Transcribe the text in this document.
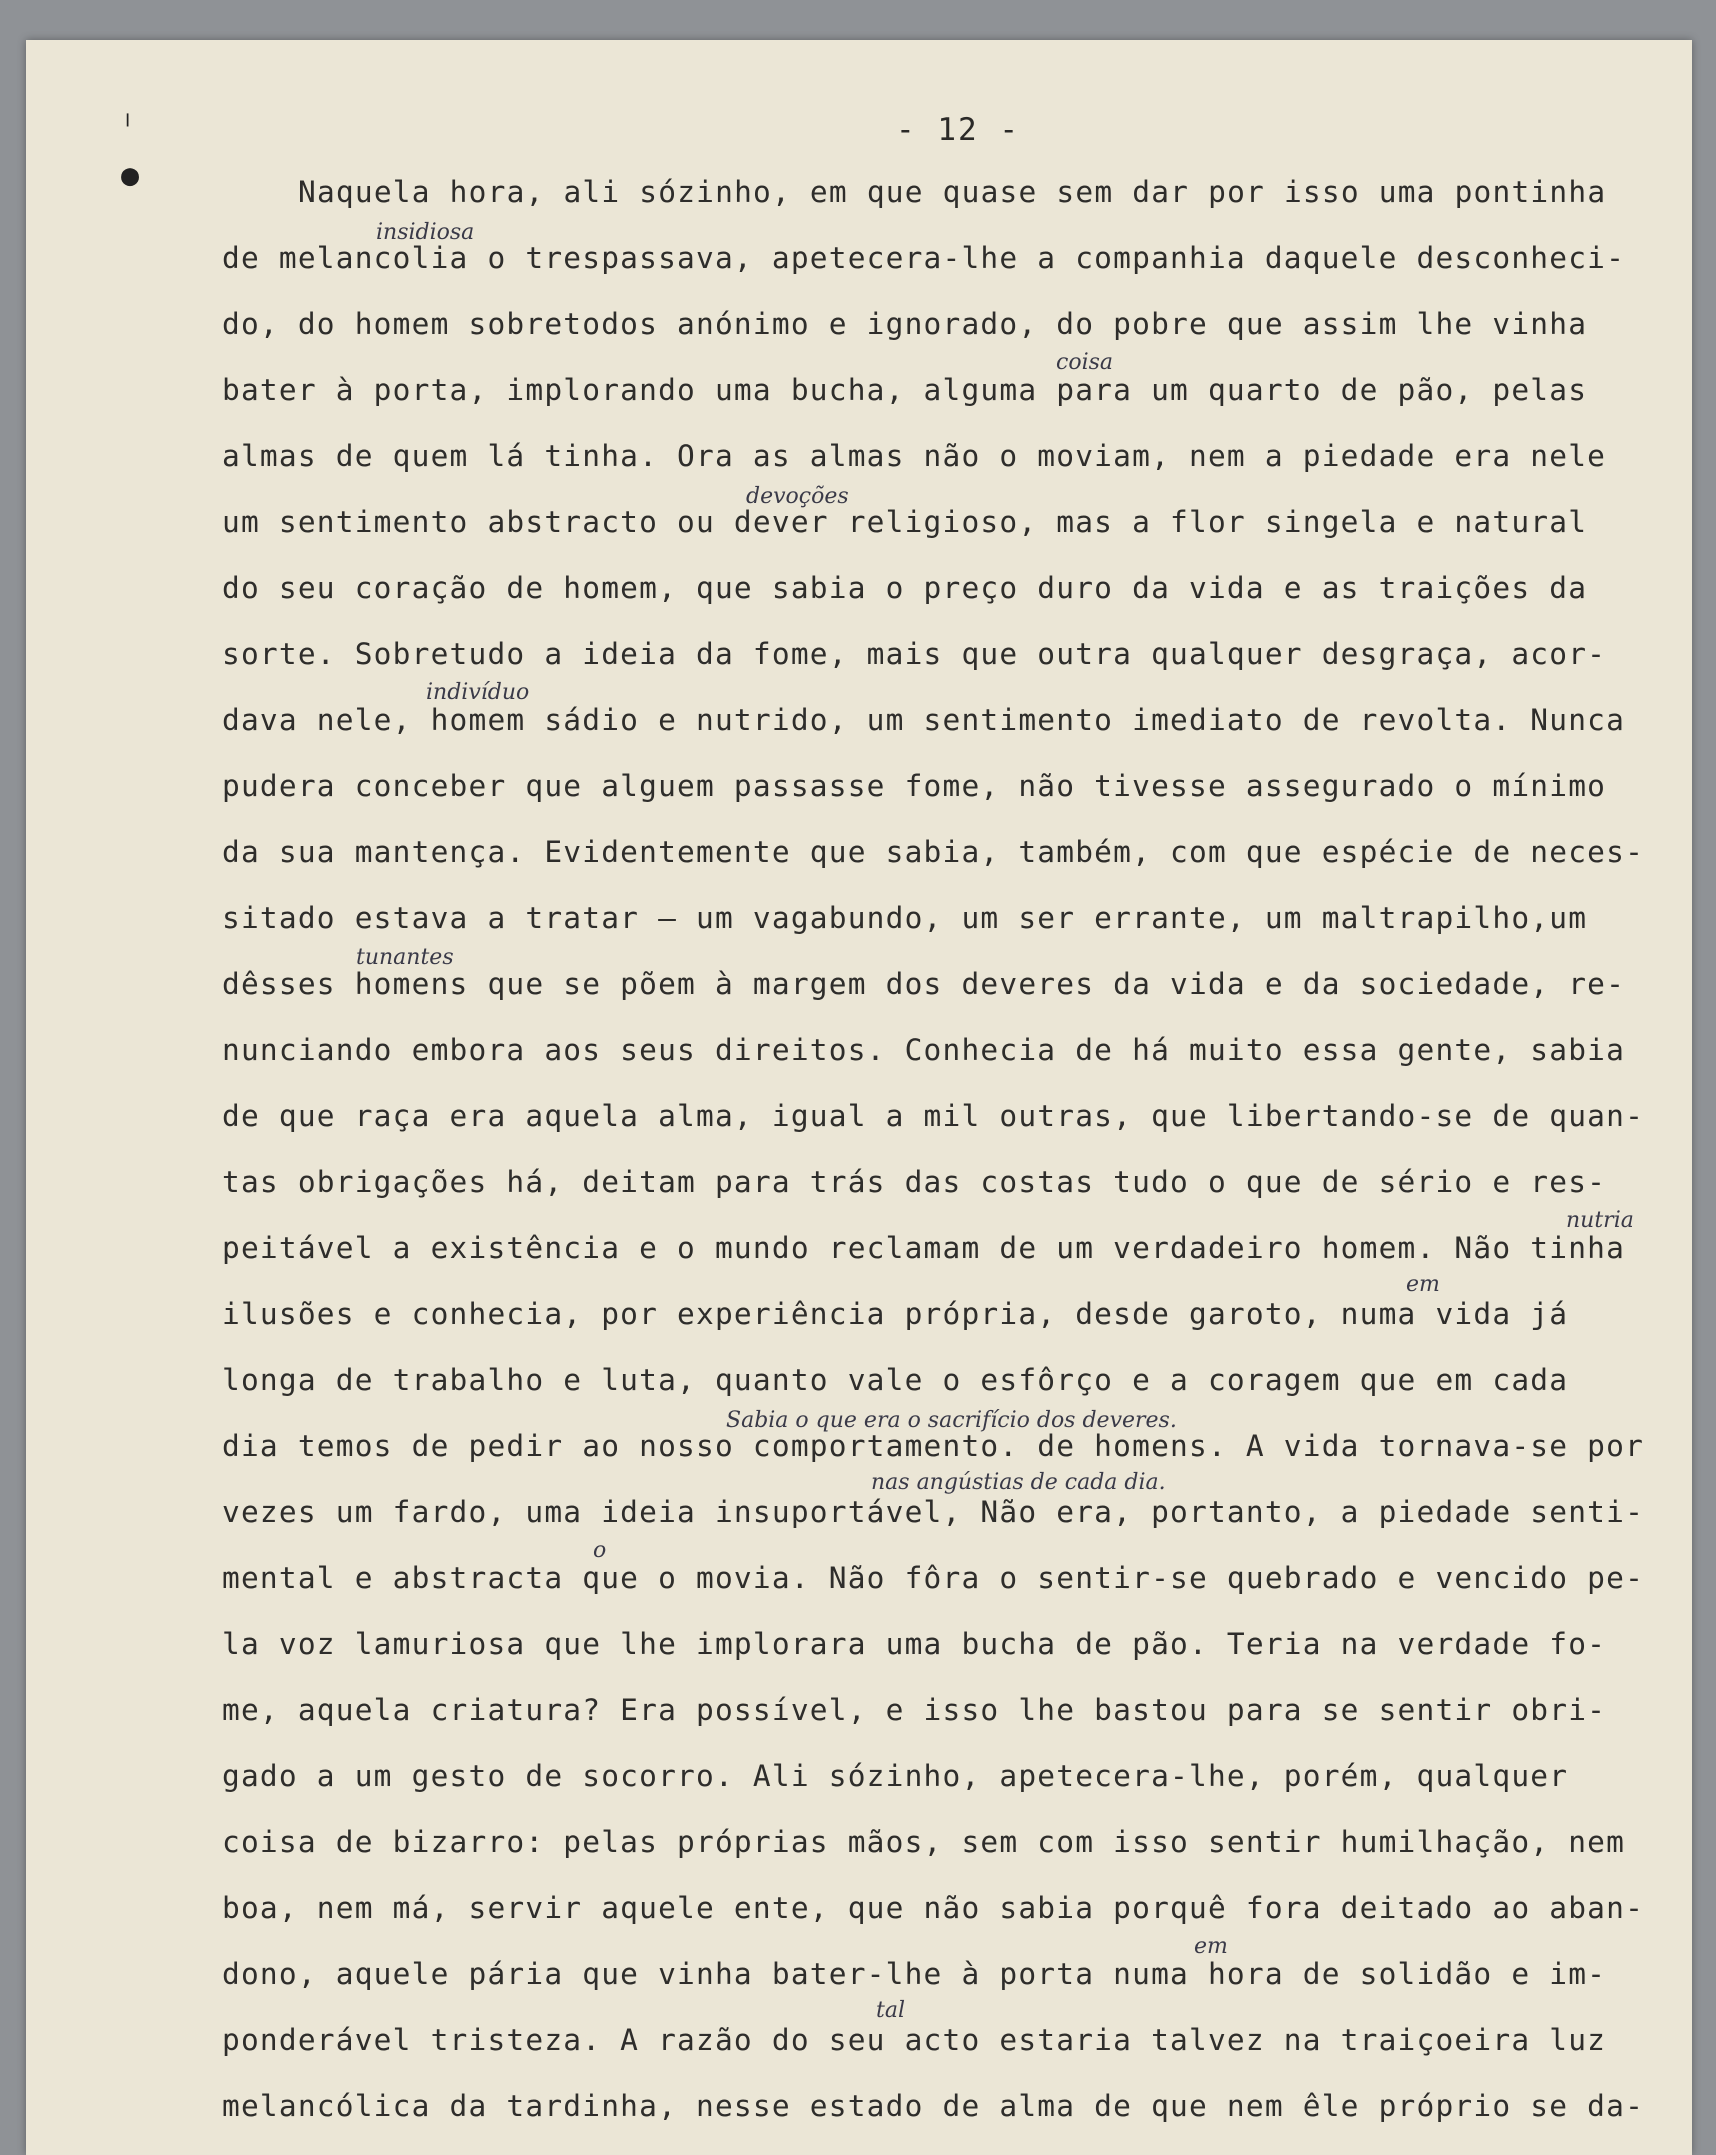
- 12 -
╵
●	Naquela hora, ali sózinho, em que quase sem dar por isso uma pontinha
de melancolia o trespassava, apetecera-lhe a companhia daquele desconheci-
do, do homem sobretodos anónimo e ignorado, do pobre que assim lhe vinha
bater à porta, implorando uma bucha, alguma para um quarto de pão, pelas
almas de quem lá tinha. Ora as almas não o moviam, nem a piedade era nele
um sentimento abstracto ou dever religioso, mas a flor singela e natural
do seu coração de homem, que sabia o preço duro da vida e as traições da
sorte. Sobretudo a ideia da fome, mais que outra qualquer desgraça, acor-
dava nele, homem sádio e nutrido, um sentimento imediato de revolta. Nunca
pudera conceber que alguem passasse fome, não tivesse assegurado o mínimo
da sua mantença. Evidentemente que sabia, também, com que espécie de neces-
sitado estava a tratar — um vagabundo, um ser errante, um maltrapilho,um
dêsses homens que se põem à margem dos deveres da vida e da sociedade, re-
nunciando embora aos seus direitos. Conhecia de há muito essa gente, sabia
de que raça era aquela alma, igual a mil outras, que libertando-se de quan-
tas obrigações há, deitam para trás das costas tudo o que de sério e res-
peitável a existência e o mundo reclamam de um verdadeiro homem. Não tinha
ilusões e conhecia, por experiência própria, desde garoto, numa vida já
longa de trabalho e luta, quanto vale o esfôrço e a coragem que em cada
dia temos de pedir ao nosso comportamento. de homens. A vida tornava-se por
vezes um fardo, uma ideia insuportável, Não era, portanto, a piedade senti-
mental e abstracta que o movia. Não fôra o sentir-se quebrado e vencido pe-
la voz lamuriosa que lhe implorara uma bucha de pão. Teria na verdade fo-
me, aquela criatura? Era possível, e isso lhe bastou para se sentir obri-
gado a um gesto de socorro. Ali sózinho, apetecera-lhe, porém, qualquer
coisa de bizarro: pelas próprias mãos, sem com isso sentir humilhação, nem
boa, nem má, servir aquele ente, que não sabia porquê fora deitado ao aban-
dono, aquele pária que vinha bater-lhe à porta numa hora de solidão e im-
ponderável tristeza. A razão do seu acto estaria talvez na traiçoeira luz
melancólica da tardinha, nesse estado de alma de que nem êle próprio se da-
insidiosa
coisa
devoções
indivíduo
tunantes
nutria
em
Sabia o que era o sacrifício dos deveres.
nas angústias de cada dia.
o
em
tal
